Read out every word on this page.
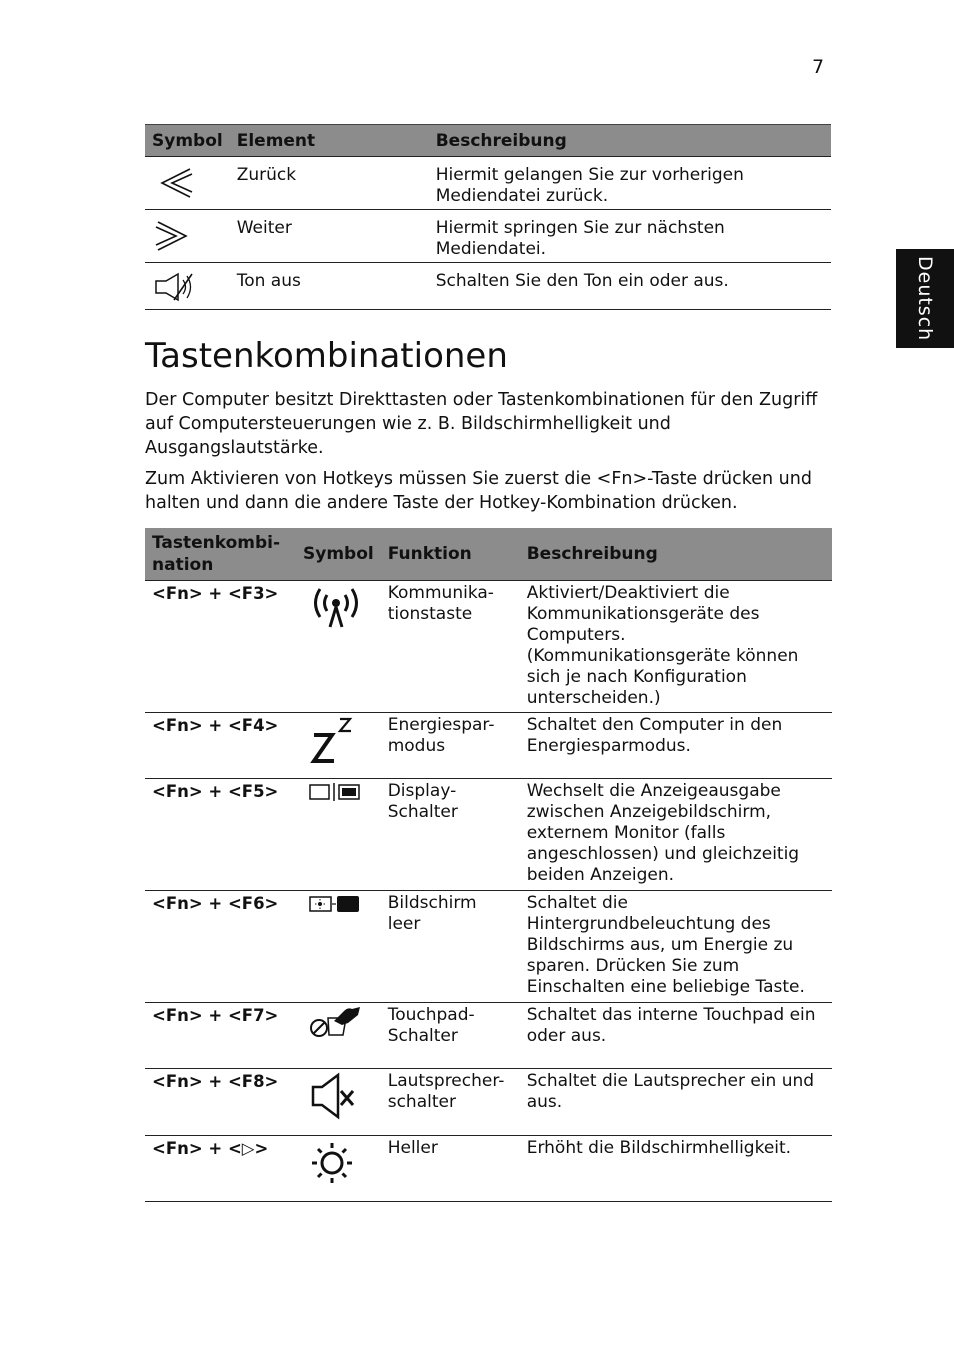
7
Deutsch
Symbol	Element	Beschreibung

	Zurück	Hiermit gelangen Sie zur vorherigen
Mediendatei zurück.

	Weiter	Hiermit springen Sie zur nächsten
Mediendatei.

	Ton aus	Schalten Sie den Ton ein oder aus.
Tastenkombinationen

Der Computer besitzt Direkttasten oder Tastenkombinationen für den Zugriff auf Computersteuerungen wie z. B. Bildschirmhelligkeit und Ausgangslautstärke.

Zum Aktivieren von Hotkeys müssen Sie zuerst die <Fn>-Taste drücken und halten und dann die andere Taste der Hotkey-Kombination drücken.

Tastenkombi-
nation	Symbol	Funktion	Beschreibung
<Fn> + <F3>		Kommunika-tionstaste	Aktiviert/Deaktiviert die Kommunikationsgeräte des Computers. (Kommunikationsgeräte können sich je nach Konfiguration unterscheiden.)
<Fn> + <F4>		Energiespar-modus	Schaltet den Computer in den Energiesparmodus.
<Fn> + <F5>		Display-Schalter	Wechselt die Anzeigeausgabe zwischen Anzeigebildschirm, externem Monitor (falls angeschlossen) und gleichzeitig beiden Anzeigen.
<Fn> + <F6>		Bildschirm leer	Schaltet die Hintergrundbeleuchtung des Bildschirms aus, um Energie zu sparen. Drücken Sie zum Einschalten eine beliebige Taste.
<Fn> + <F7>		Touchpad-Schalter	Schaltet das interne Touchpad ein oder aus.
<Fn> + <F8>		Lautsprecher-schalter	Schaltet die Lautsprecher ein und aus.
<Fn> + <▷>		Heller	Erhöht die Bildschirmhelligkeit.
